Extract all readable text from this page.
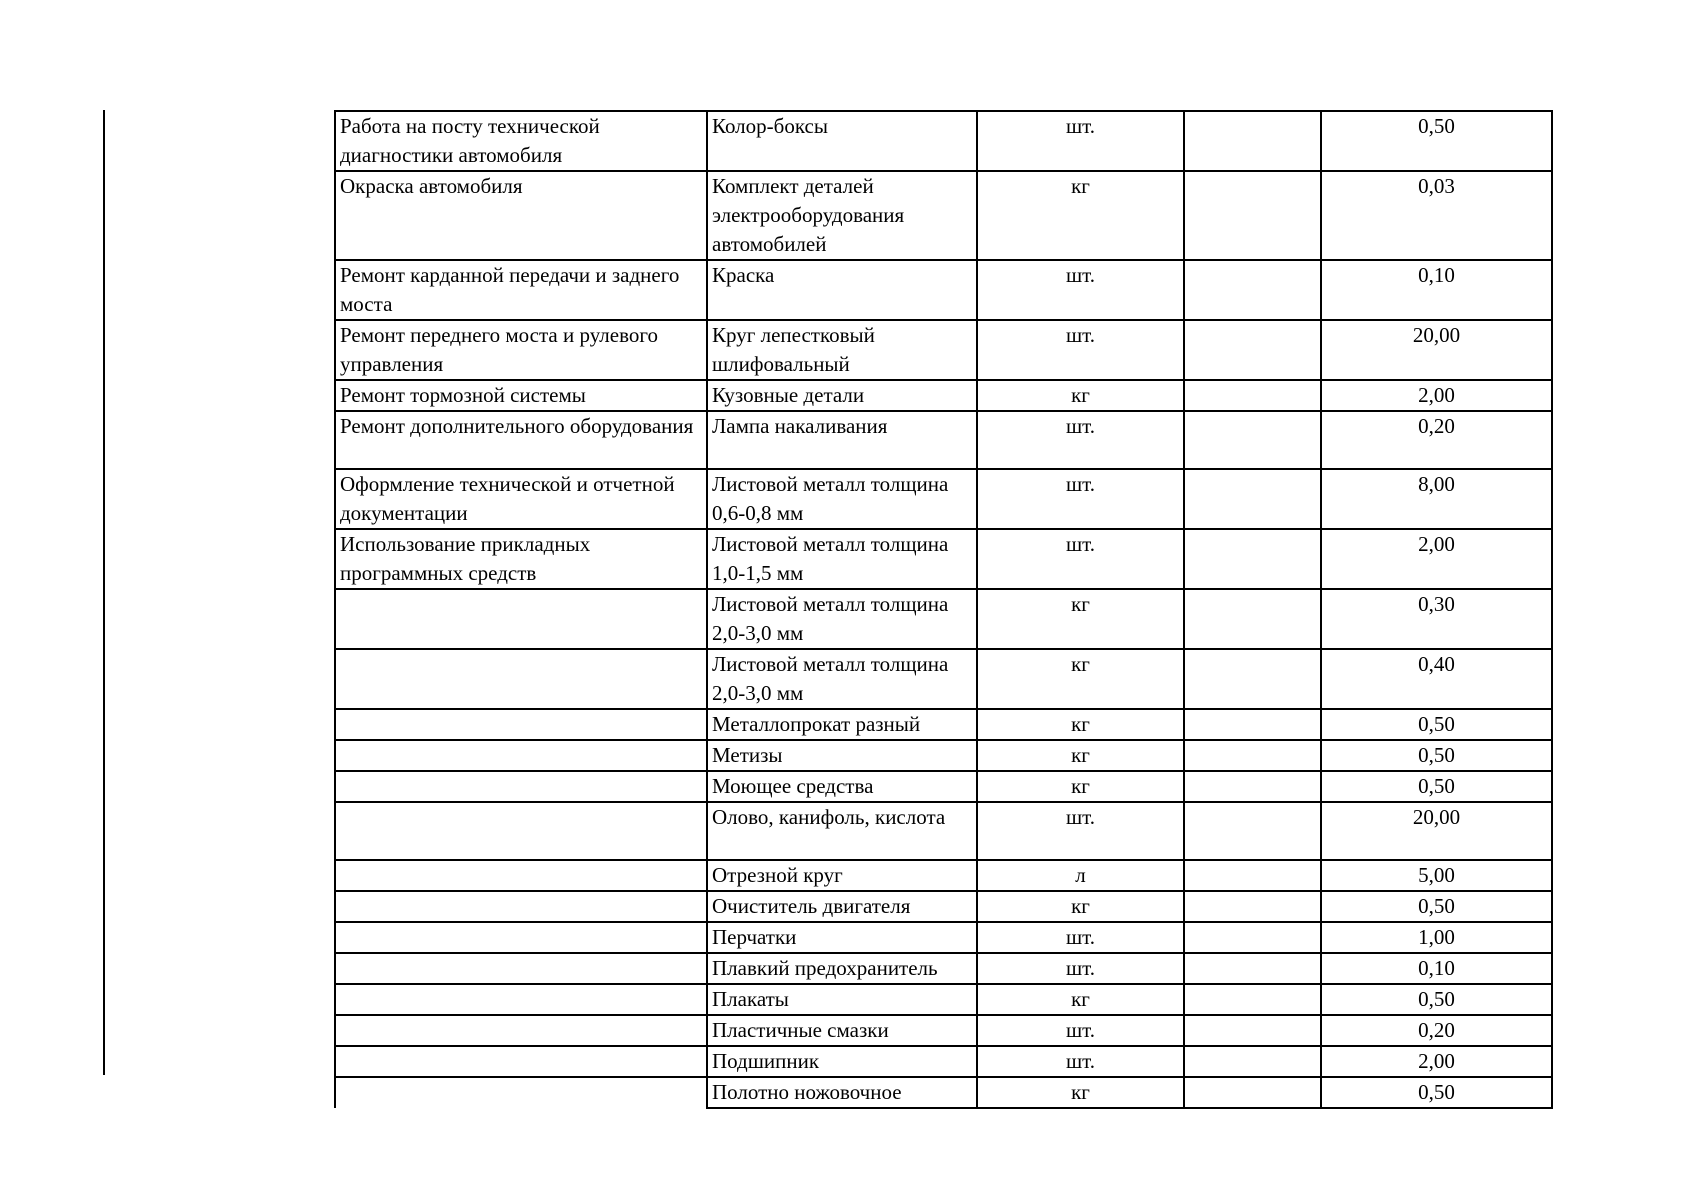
Работа на посту технической диагностики автомобиля	Колор-боксы	шт.		0,50
Окраска автомобиля	Комплект деталей электрооборудования автомобилей	кг		0,03
Ремонт карданной передачи и заднего моста	Краска	шт.		0,10
Ремонт переднего моста и рулевого управления	Круг лепестковый шлифовальный	шт.		20,00
Ремонт тормозной системы	Кузовные детали	кг		2,00
Ремонт дополнительного оборудования	Лампа накаливания	шт.		0,20
Оформление технической и отчетной документации	Листовой металл толщина 0,6-0,8 мм	шт.		8,00
Использование прикладных программных средств	Листовой металл толщина 1,0-1,5 мм	шт.		2,00
	Листовой металл толщина 2,0-3,0 мм	кг		0,30
	Листовой металл толщина 2,0-3,0 мм	кг		0,40
	Металлопрокат разный	кг		0,50
	Метизы	кг		0,50
	Моющее средства	кг		0,50
	Олово, канифоль, кислота	шт.		20,00
	Отрезной круг	л		5,00
	Очиститель двигателя	кг		0,50
	Перчатки	шт.		1,00
	Плавкий предохранитель	шт.		0,10
	Плакаты	кг		0,50
	Пластичные смазки	шт.		0,20
	Подшипник	шт.		2,00
	Полотно ножовочное	кг		0,50
